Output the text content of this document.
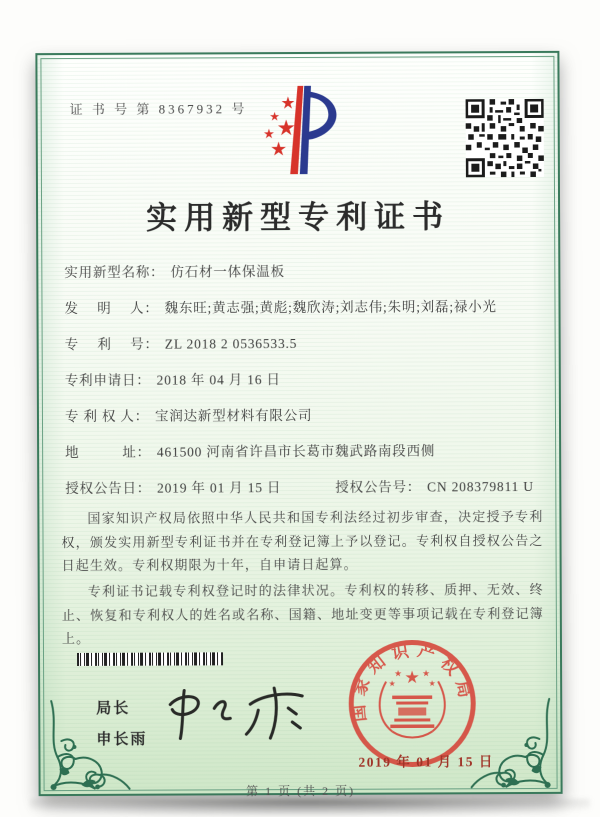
证 书 号 第 8367932 号
实用新型专利证书
实用新型名称： 仿石材一体保温板
发　 明　 人： 魏东旺;黄志强;黄彪;魏欣涛;刘志伟;朱明;刘磊;禄小光
专　 利　 号： ZL 2018 2 0536533.5
专利申请日： 2018 年 04 月 16 日
专 利 权 人： 宝润达新型材料有限公司
地　　　址： 461500 河南省许昌市长葛市魏武路南段西侧
授权公告日： 2019 年 01 月 15 日	授权公告号： CN 208379811 U

国家知识产权局依照中华人民共和国专利法经过初步审查，决定授予专利权，颁发实用新型专利证书并在专利登记簿上予以登记。专利权自授权公告之日起生效。专利权期限为十年，自申请日起算。

专利证书记载专利权登记时的法律状况。专利权的转移、质押、无效、终止、恢复和专利权人的姓名或名称、国籍、地址变更等事项记载在专利登记簿上。

局长
申长雨
国家知识产权局
2019 年 01 月 15 日
第 1 页 (共 2 页)
